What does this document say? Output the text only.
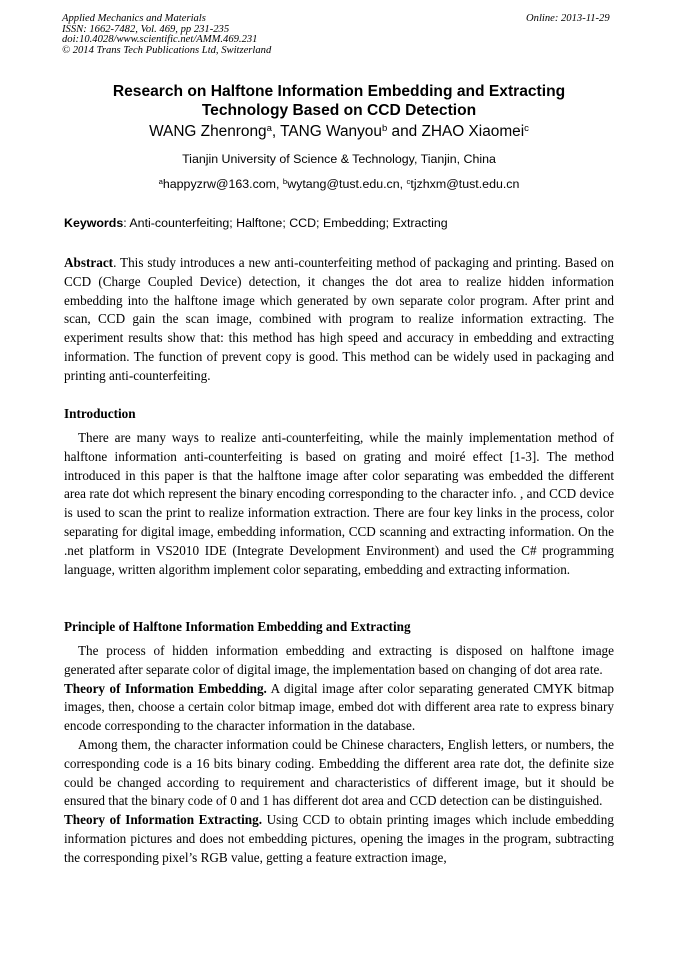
Applied Mechanics and Materials
ISSN: 1662-7482, Vol. 469, pp 231-235
doi:10.4028/www.scientific.net/AMM.469.231
© 2014 Trans Tech Publications Ltd, Switzerland
Online: 2013-11-29
Research on Halftone Information Embedding and Extracting
Technology Based on CCD Detection
WANG Zhenrong$^a$, TANG Wanyou$^b$ and ZHAO Xiaomei$^c$
Tianjin University of Science & Technology, Tianjin, China
$^a$happyzrw@163.com, $^b$wytang@tust.edu.cn, $^c$tjzhxm@tust.edu.cn
Keywords: Anti-counterfeiting; Halftone; CCD; Embedding; Extracting

Abstract. This study introduces a new anti-counterfeiting method of packaging and printing. Based on CCD (Charge Coupled Device) detection, it changes the dot area to realize hidden information embedding into the halftone image which generated by own separate color program. After print and scan, CCD gain the scan image, combined with program to realize information extracting. The experiment results show that: this method has high speed and accuracy in embedding and extracting information. The function of prevent copy is good. This method can be widely used in packaging and printing anti-counterfeiting.

Introduction

There are many ways to realize anti-counterfeiting, while the mainly implementation method of halftone information anti-counterfeiting is based on grating and moiré effect [1-3]. The method introduced in this paper is that the halftone image after color separating was embedded the different area rate dot which represent the binary encoding corresponding to the character info. , and CCD device is used to scan the print to realize information extraction. There are four key links in the process, color separating for digital image, embedding information, CCD scanning and extracting information. On the .net platform in VS2010 IDE (Integrate Development Environment) and used the C# programming language, written algorithm implement color separating, embedding and extracting information.

Principle of Halftone Information Embedding and Extracting

The process of hidden information embedding and extracting is disposed on halftone image generated after separate color of digital image, the implementation based on changing of dot area rate.

Theory of Information Embedding. A digital image after color separating generated CMYK bitmap images, then, choose a certain color bitmap image, embed dot with different area rate to express binary encode corresponding to the character information in the database.

Among them, the character information could be Chinese characters, English letters, or numbers, the corresponding code is a 16 bits binary coding. Embedding the different area rate dot, the definite size could be changed according to requirement and characteristics of different image, but it should be ensured that the binary code of 0 and 1 has different dot area and CCD detection can be distinguished.

Theory of Information Extracting. Using CCD to obtain printing images which include embedding information pictures and does not embedding pictures, opening the images in the program, subtracting the corresponding pixel’s RGB value, getting a feature extraction image,
